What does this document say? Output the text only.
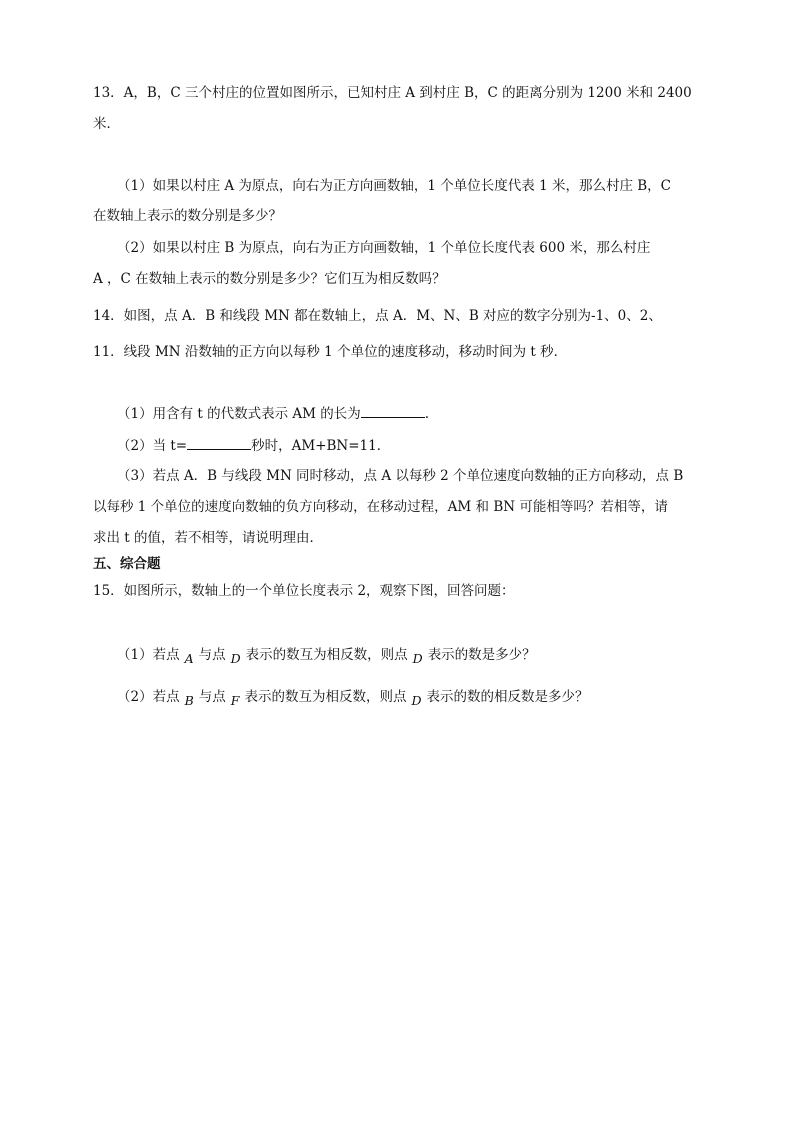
13．A，B，C 三个村庄的位置如图所示，已知村庄 A 到村庄 B，C 的距离分别为 1200 米和 2400
米．
（1）如果以村庄 A 为原点，向右为正方向画数轴，1 个单位长度代表 1 米，那么村庄 B，C
在数轴上表示的数分别是多少？
（2）如果以村庄 B 为原点，向右为正方向画数轴，1 个单位长度代表 600 米，那么村庄
A ，C 在数轴上表示的数分别是多少？它们互为相反数吗？
14．如图，点 A．B 和线段 MN 都在数轴上，点 A．M、N、B 对应的数字分别为-1、0、2、
11．线段 MN 沿数轴的正方向以每秒 1 个单位的速度移动，移动时间为 t 秒．
（1）用含有 t 的代数式表示 AM 的长为	.
（2）当 t=	秒时，AM+BN=11．
（3）若点 A．B 与线段 MN 同时移动，点 A 以每秒 2 个单位速度向数轴的正方向移动，点 B
以每秒 1 个单位的速度向数轴的负方向移动，在移动过程，AM 和 BN 可能相等吗？若相等，请
求出 t 的值，若不相等，请说明理由．
五、综合题
15．如图所示，数轴上的一个单位长度表示 2，观察下图，回答问题：
（1）若点 A 与点 D 表示的数互为相反数，则点 D 表示的数是多少？
（2）若点 B 与点 F 表示的数互为相反数，则点 D 表示的数的相反数是多少？
